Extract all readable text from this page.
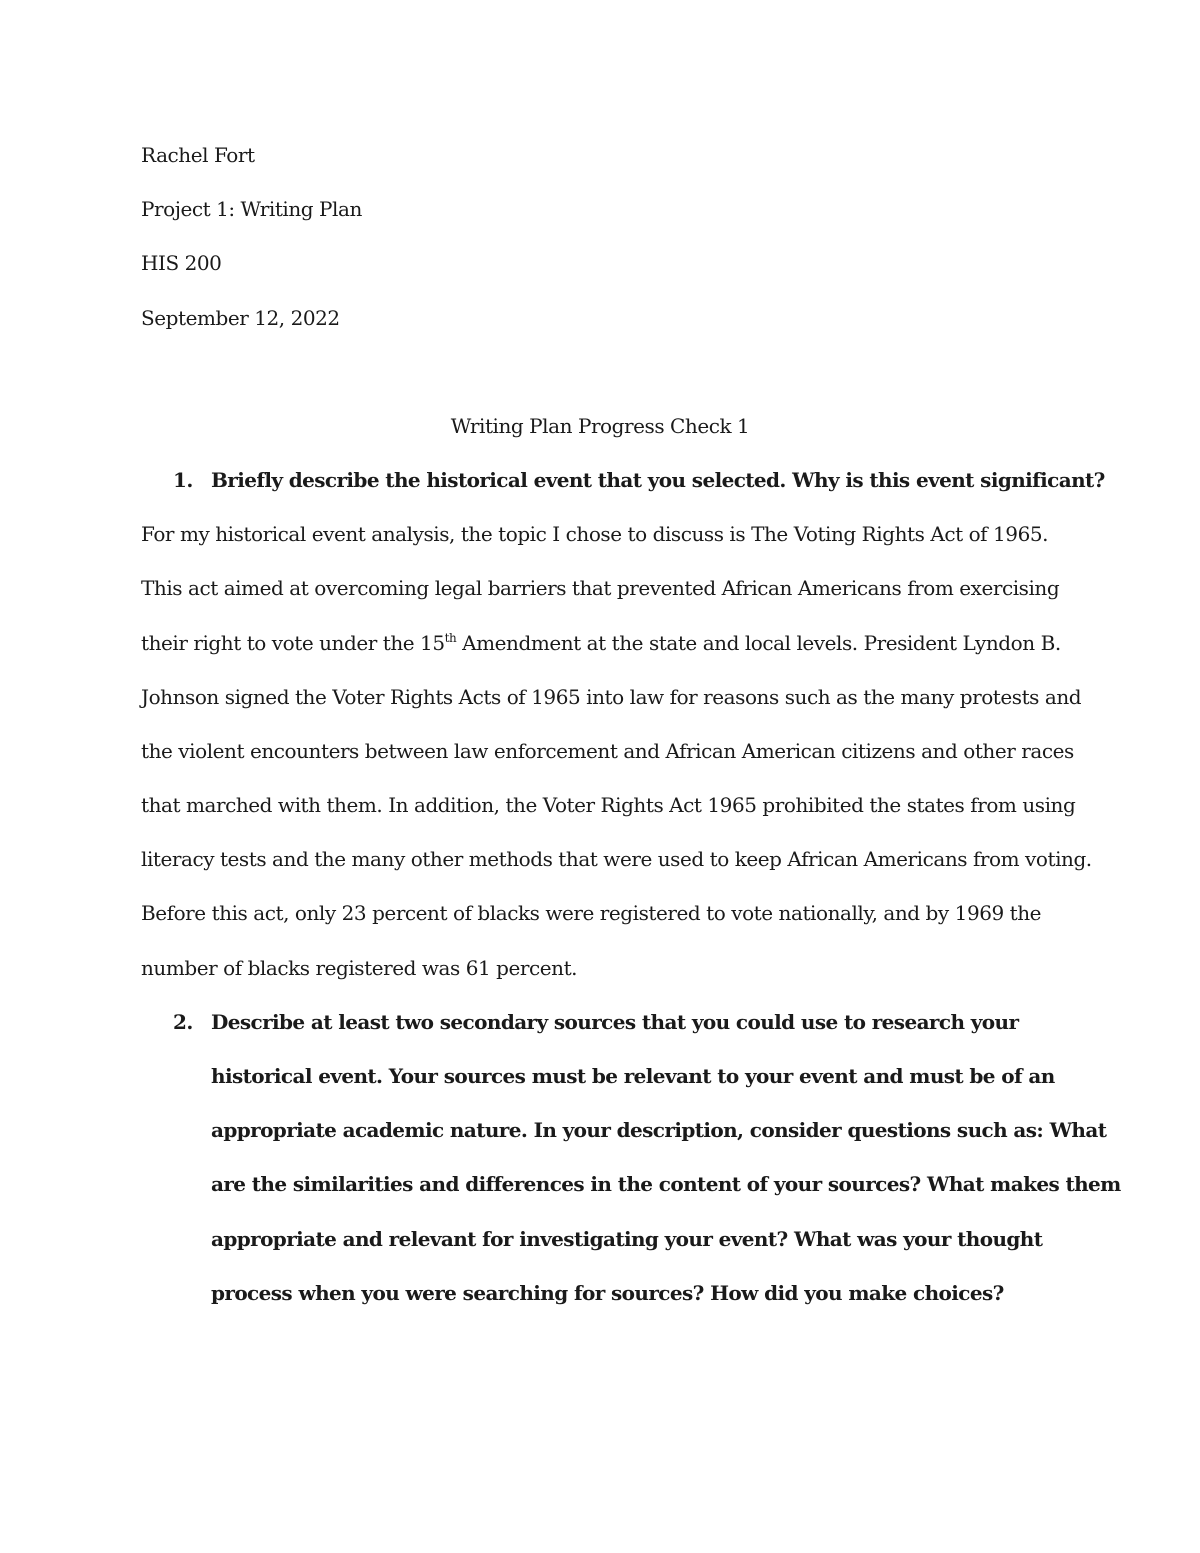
Rachel Fort
Project 1: Writing Plan
HIS 200
September 12, 2022
Writing Plan Progress Check 1
1. Briefly describe the historical event that you selected. Why is this event significant?
For my historical event analysis, the topic I chose to discuss is The Voting Rights Act of 1965.
This act aimed at overcoming legal barriers that prevented African Americans from exercising
their right to vote under the 15th Amendment at the state and local levels. President Lyndon B.
Johnson signed the Voter Rights Acts of 1965 into law for reasons such as the many protests and
the violent encounters between law enforcement and African American citizens and other races
that marched with them. In addition, the Voter Rights Act 1965 prohibited the states from using
literacy tests and the many other methods that were used to keep African Americans from voting.
Before this act, only 23 percent of blacks were registered to vote nationally, and by 1969 the
number of blacks registered was 61 percent.
2. Describe at least two secondary sources that you could use to research your
historical event. Your sources must be relevant to your event and must be of an
appropriate academic nature. In your description, consider questions such as: What
are the similarities and differences in the content of your sources? What makes them
appropriate and relevant for investigating your event? What was your thought
process when you were searching for sources? How did you make choices?
